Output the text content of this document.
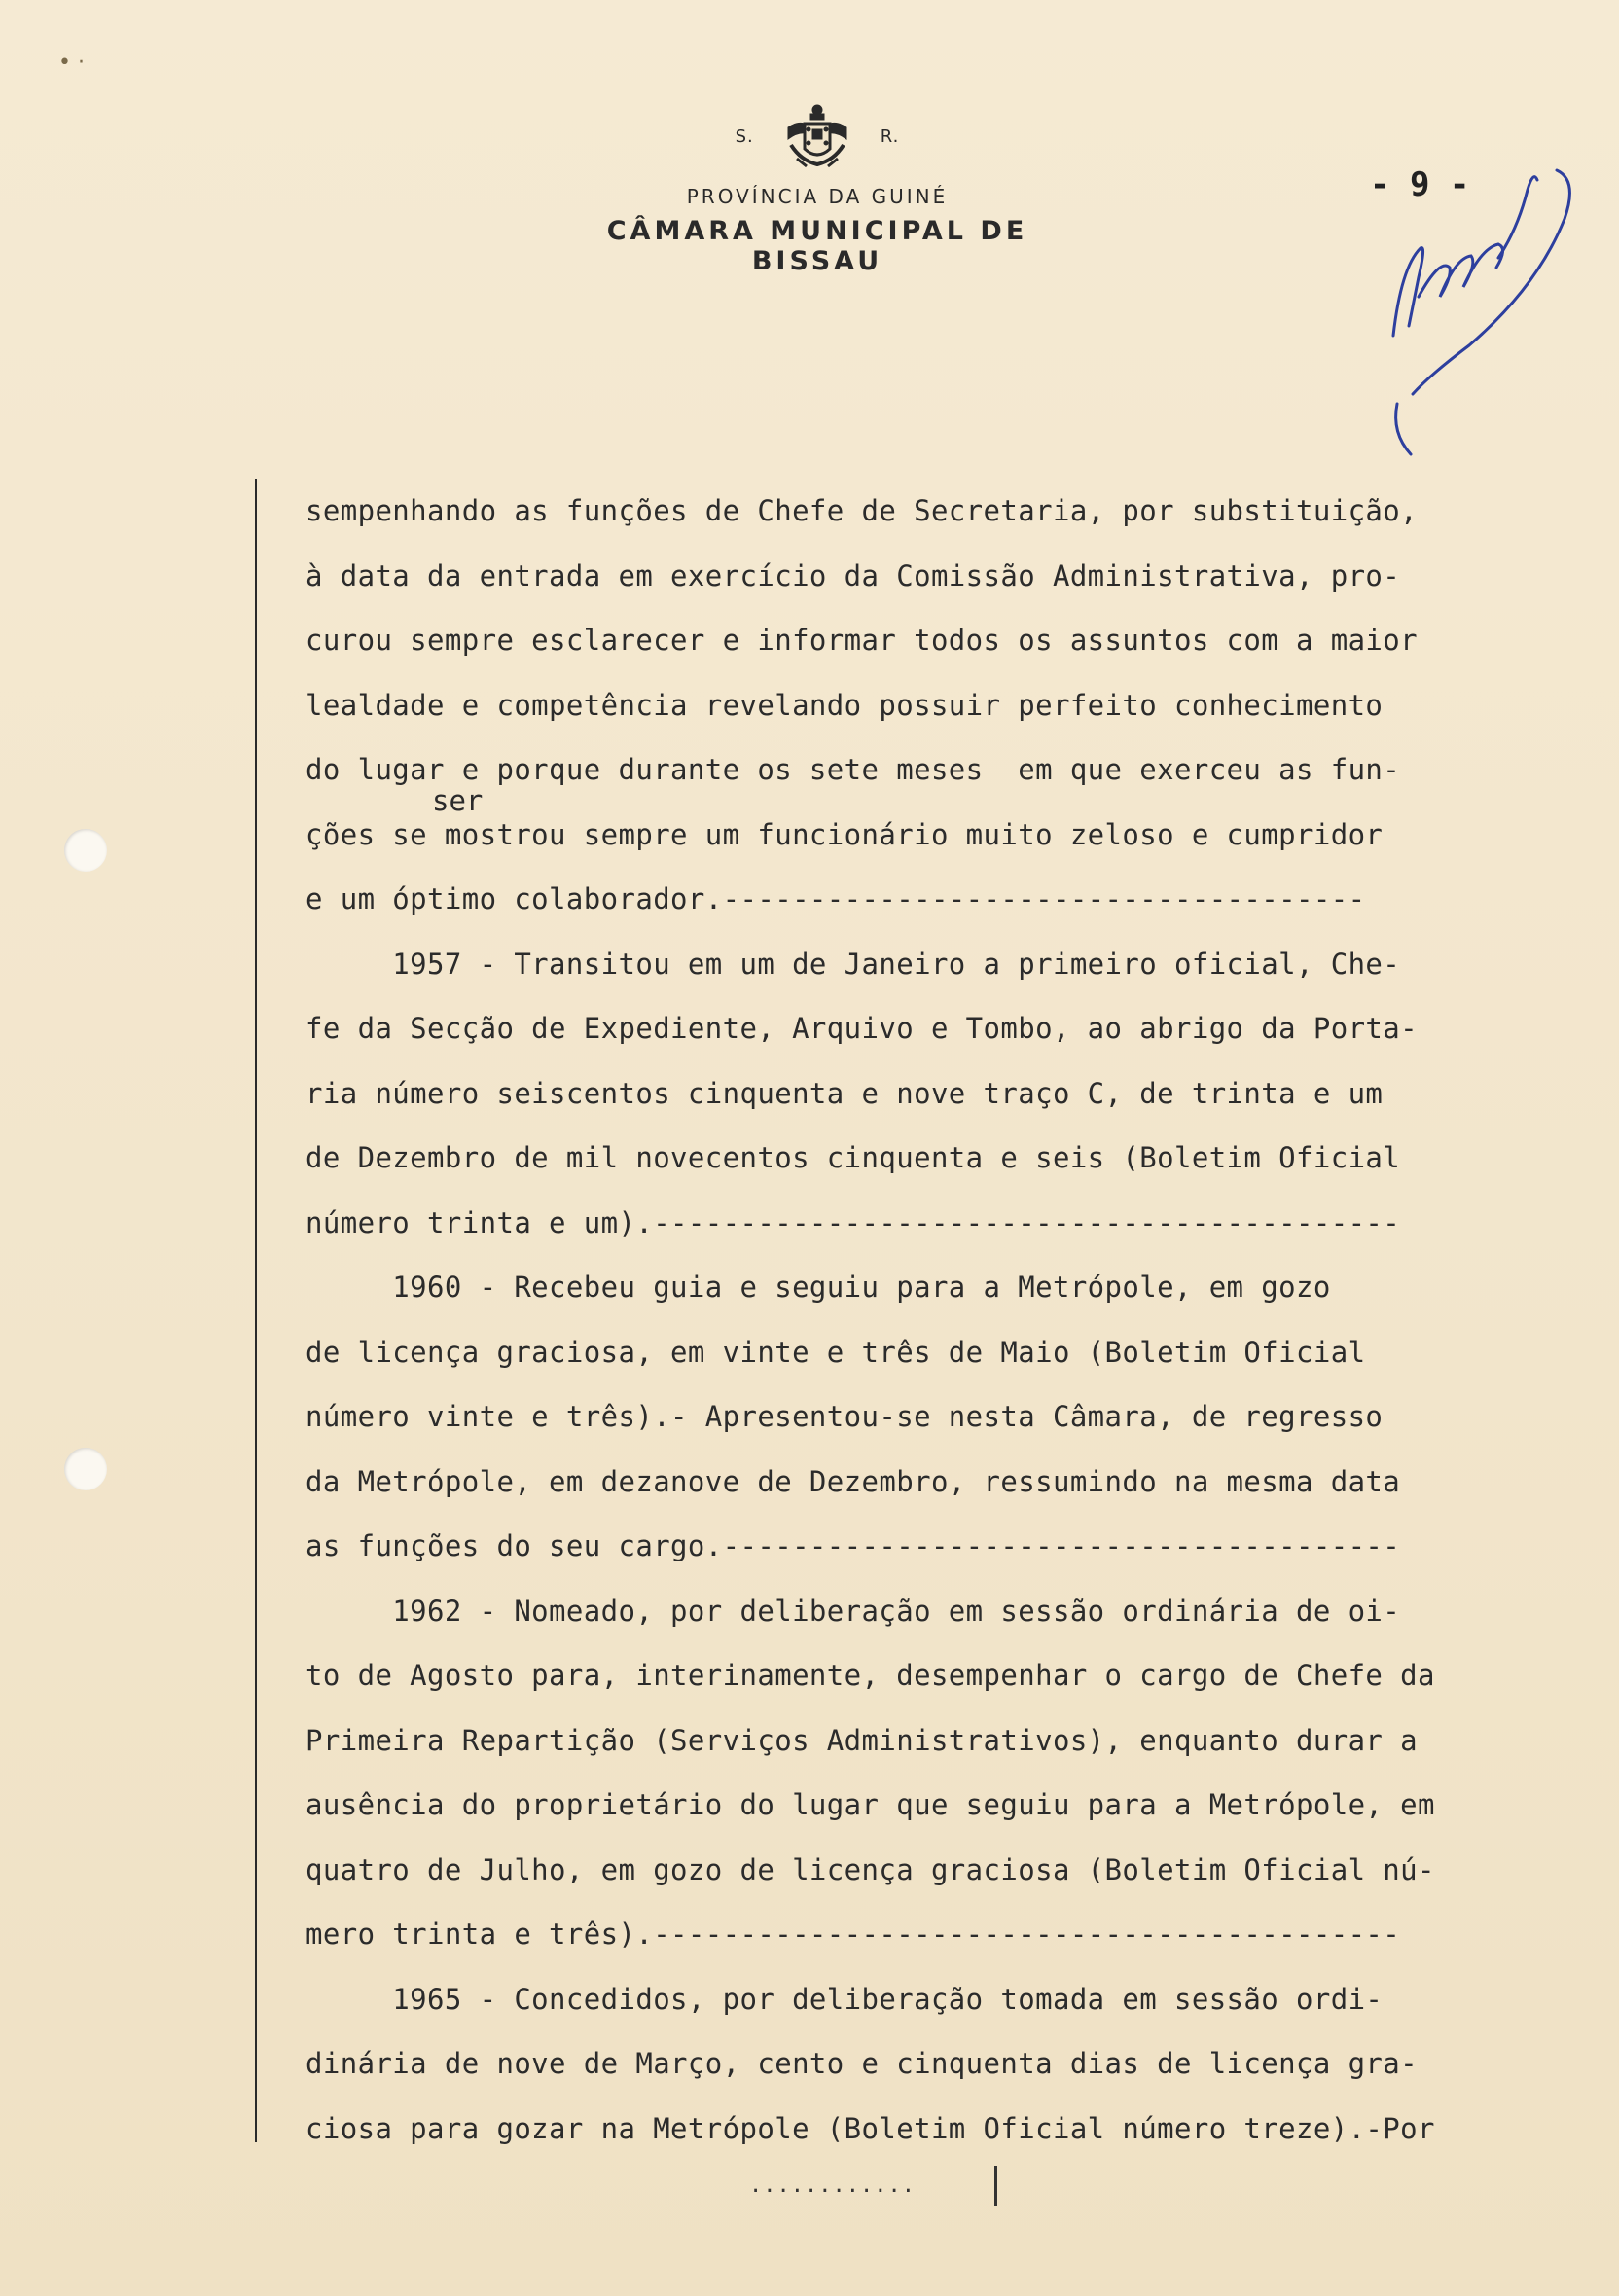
• ·
S.	R.
PROVÍNCIA DA GUINÉ
CÂMARA MUNICIPAL DE BISSAU
- 9 -
ser
sempenhando as funções de Chefe de Secretaria, por substituição,
à data da entrada em exercício da Comissão Administrativa, pro-
curou sempre esclarecer e informar todos os assuntos com a maior
lealdade e competência revelando possuir perfeito conhecimento
do lugar e porque durante os sete meses  em que exerceu as fun-
ções se mostrou sempre um funcionário muito zeloso e cumpridor
e um óptimo colaborador.-------------------------------------
1957 - Transitou em um de Janeiro a primeiro oficial, Che-
fe da Secção de Expediente, Arquivo e Tombo, ao abrigo da Porta-
ria número seiscentos cinquenta e nove traço C, de trinta e um
de Dezembro de mil novecentos cinquenta e seis (Boletim Oficial
número trinta e um).-------------------------------------------
1960 - Recebeu guia e seguiu para a Metrópole, em gozo
de licença graciosa, em vinte e três de Maio (Boletim Oficial
número vinte e três).- Apresentou-se nesta Câmara, de regresso
da Metrópole, em dezanove de Dezembro, ressumindo na mesma data
as funções do seu cargo.---------------------------------------
1962 - Nomeado, por deliberação em sessão ordinária de oi-
to de Agosto para, interinamente, desempenhar o cargo de Chefe da
Primeira Repartição (Serviços Administrativos), enquanto durar a
ausência do proprietário do lugar que seguiu para a Metrópole, em
quatro de Julho, em gozo de licença graciosa (Boletim Oficial nú-
mero trinta e três).-------------------------------------------
1965 - Concedidos, por deliberação tomada em sessão ordi-
dinária de nove de Março, cento e cinquenta dias de licença gra-
ciosa para gozar na Metrópole (Boletim Oficial número treze).-Por
............
